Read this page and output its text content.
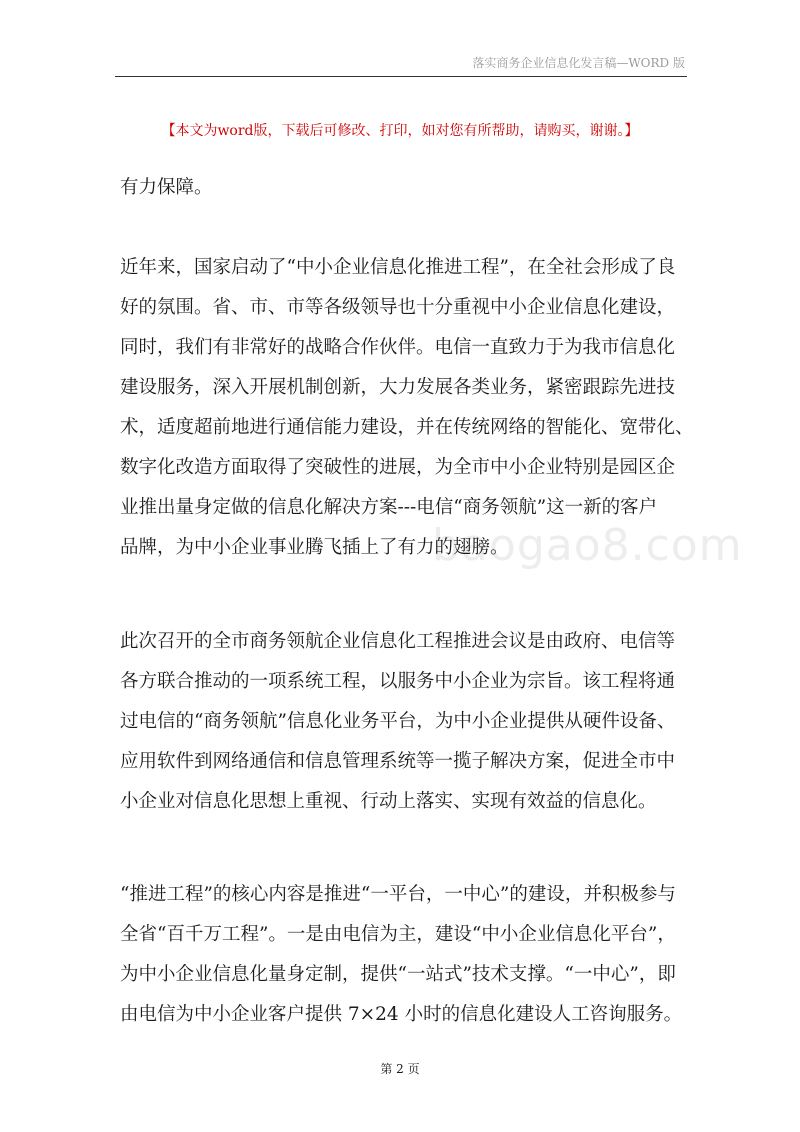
落实商务企业信息化发言稿—WORD 版
【本文为word版，下载后可修改、打印，如对您有所帮助，请购买，谢谢。】
baogao8.com
有力保障。
近年来，国家启动了“中小企业信息化推进工程”，在全社会形成了良
好的氛围。省、市、市等各级领导也十分重视中小企业信息化建设，
同时，我们有非常好的战略合作伙伴。电信一直致力于为我市信息化
建设服务，深入开展机制创新，大力发展各类业务，紧密跟踪先进技
术，适度超前地进行通信能力建设，并在传统网络的智能化、宽带化、
数字化改造方面取得了突破性的进展，为全市中小企业特别是园区企
业推出量身定做的信息化解决方案---电信“商务领航”这一新的客户
品牌，为中小企业事业腾飞插上了有力的翅膀。
此次召开的全市商务领航企业信息化工程推进会议是由政府、电信等
各方联合推动的一项系统工程，以服务中小企业为宗旨。该工程将通
过电信的“商务领航”信息化业务平台，为中小企业提供从硬件设备、
应用软件到网络通信和信息管理系统等一揽子解决方案，促进全市中
小企业对信息化思想上重视、行动上落实、实现有效益的信息化。
“推进工程”的核心内容是推进“一平台，一中心”的建设，并积极参与
全省“百千万工程”。一是由电信为主，建设“中小企业信息化平台”，
为中小企业信息化量身定制，提供“一站式”技术支撑。“一中心”，即
由电信为中小企业客户提供 7×24 小时的信息化建设人工咨询服务。
第 2 页
